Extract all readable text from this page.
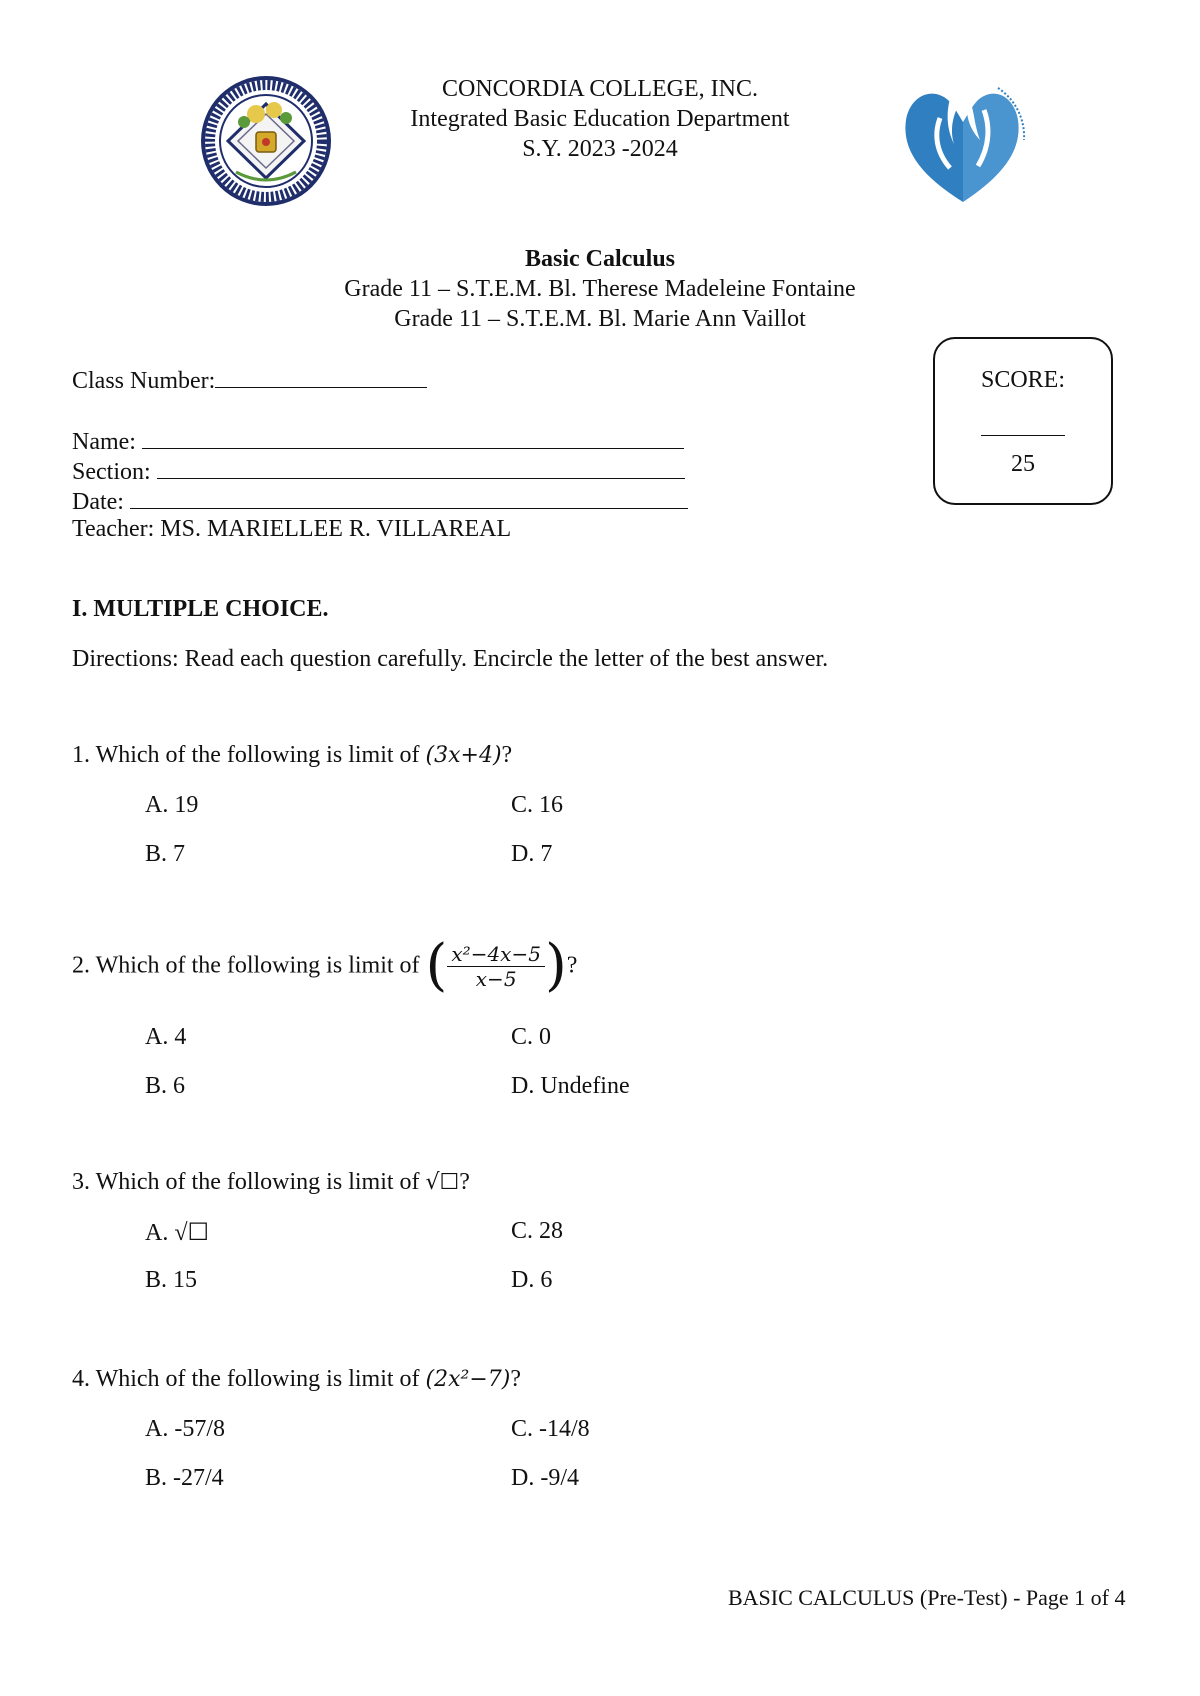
CONCORDIA COLLEGE, INC.
Integrated Basic Education Department
S.Y. 2023 -2024
Basic Calculus
Grade 11 – S.T.E.M. Bl. Therese Madeleine Fontaine
Grade 11 – S.T.E.M. Bl. Marie Ann Vaillot
Class Number:
Name:
Section:
Date:
Teacher: MS. MARIELLEE R. VILLAREAL
SCORE:
25
I. MULTIPLE CHOICE.
Directions: Read each question carefully. Encircle the letter of the best answer.
1. Which of the following is limit of (3x+4)?
A. 19	C. 16
B. 7	D. 7
2. Which of the following is limit of ( $\frac{\text{x²−4x−5}}{x-5}$ )?
A. 4	C. 0
B. 6	D. Undefine
3. Which of the following is limit of √☐?
A. √☐	C. 28
B. 15	D. 6
4. Which of the following is limit of (2x²−7)?
A. -57/8	C. -14/8
B. -27/4	D. -9/4
BASIC CALCULUS (Pre-Test) - Page 1 of 4
